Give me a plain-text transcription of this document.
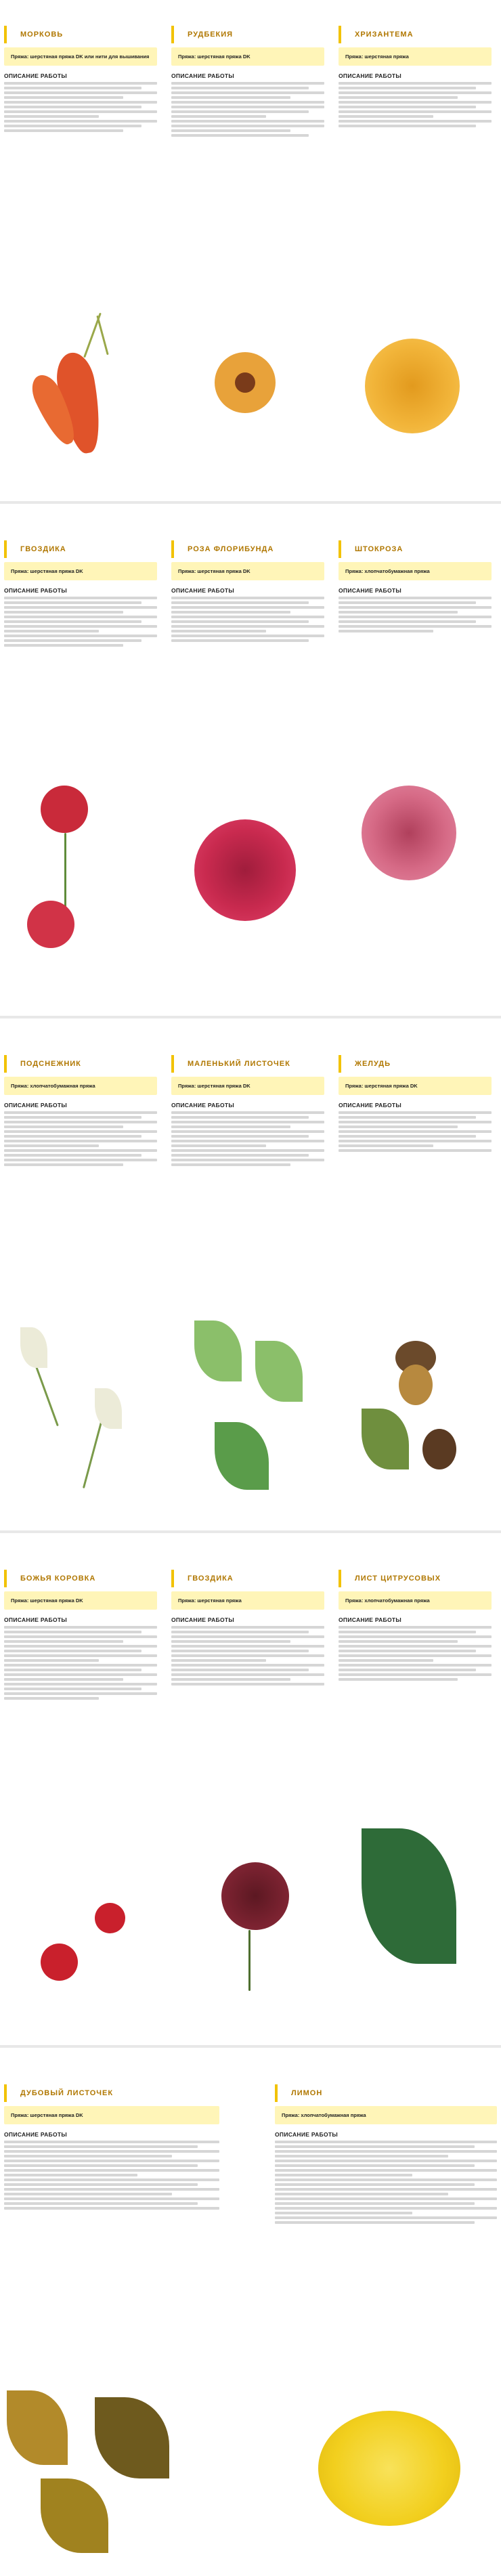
МОРКОВЬ
Пряжа: шерстяная пряжа DK или нити для вышивания
ОПИСАНИЕ РАБОТЫ
РУДБЕКИЯ
Пряжа: шерстяная пряжа DK
ОПИСАНИЕ РАБОТЫ
ХРИЗАНТЕМА
Пряжа: шерстяная пряжа
ОПИСАНИЕ РАБОТЫ
ГВОЗДИКА
Пряжа: шерстяная пряжа DK
ОПИСАНИЕ РАБОТЫ
РОЗА ФЛОРИБУНДА
Пряжа: шерстяная пряжа DK
ОПИСАНИЕ РАБОТЫ
ШТОКРОЗА
Пряжа: хлопчатобумажная пряжа
ОПИСАНИЕ РАБОТЫ
ПОДСНЕЖНИК
Пряжа: хлопчатобумажная пряжа
ОПИСАНИЕ РАБОТЫ
МАЛЕНЬКИЙ ЛИСТОЧЕК
Пряжа: шерстяная пряжа DK
ОПИСАНИЕ РАБОТЫ
ЖЕЛУДЬ
Пряжа: шерстяная пряжа DK
ОПИСАНИЕ РАБОТЫ
БОЖЬЯ КОРОВКА
Пряжа: шерстяная пряжа DK
ОПИСАНИЕ РАБОТЫ
ГВОЗДИКА
Пряжа: шерстяная пряжа
ОПИСАНИЕ РАБОТЫ
ЛИСТ ЦИТРУСОВЫХ
Пряжа: хлопчатобумажная пряжа
ОПИСАНИЕ РАБОТЫ
ДУБОВЫЙ ЛИСТОЧЕК
Пряжа: шерстяная пряжа DK
ОПИСАНИЕ РАБОТЫ
ЛИМОН
Пряжа: хлопчатобумажная пряжа
ОПИСАНИЕ РАБОТЫ
